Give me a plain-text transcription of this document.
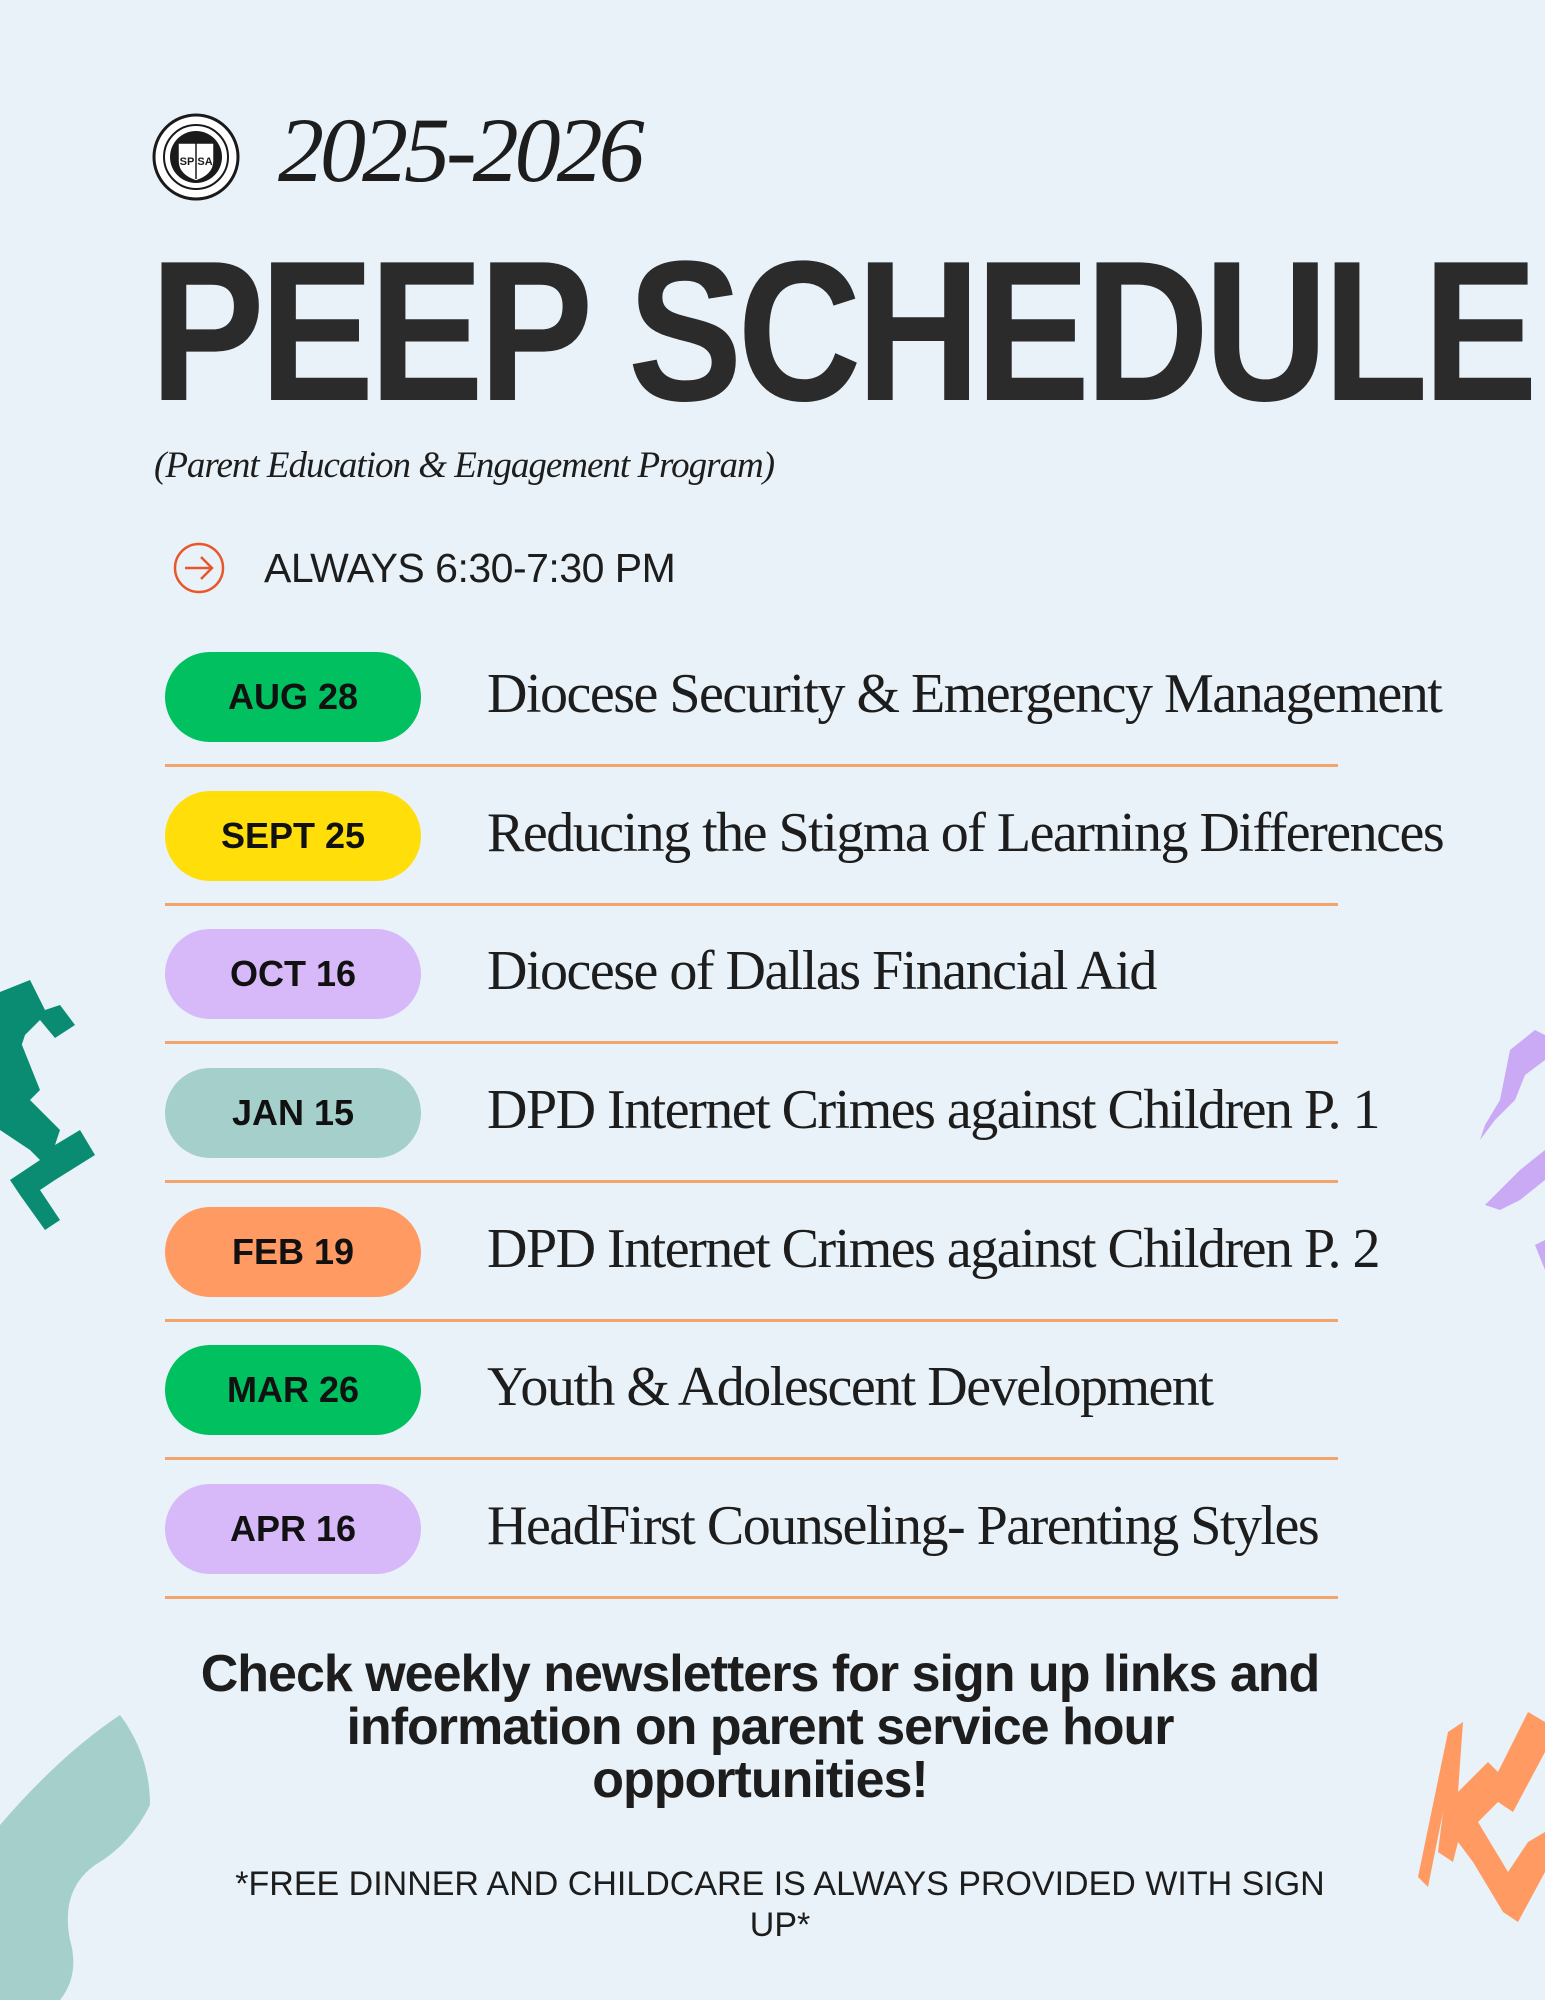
SP SA 2025-2026
PEEP SCHEDULE
(Parent Education & Engagement Program)
ALWAYS 6:30-7:30 PM
AUG 28	Diocese Security & Emergency Management
SEPT 25	Reducing the Stigma of Learning Differences
OCT 16	Diocese of Dallas Financial Aid
JAN 15	DPD Internet Crimes against Children P. 1
FEB 19	DPD Internet Crimes against Children P. 2
MAR 26	Youth & Adolescent Development
APR 16	HeadFirst Counseling- Parenting Styles
Check weekly newsletters for sign up links and information on parent service hour opportunities!
*FREE DINNER AND CHILDCARE IS ALWAYS PROVIDED WITH SIGN UP*
